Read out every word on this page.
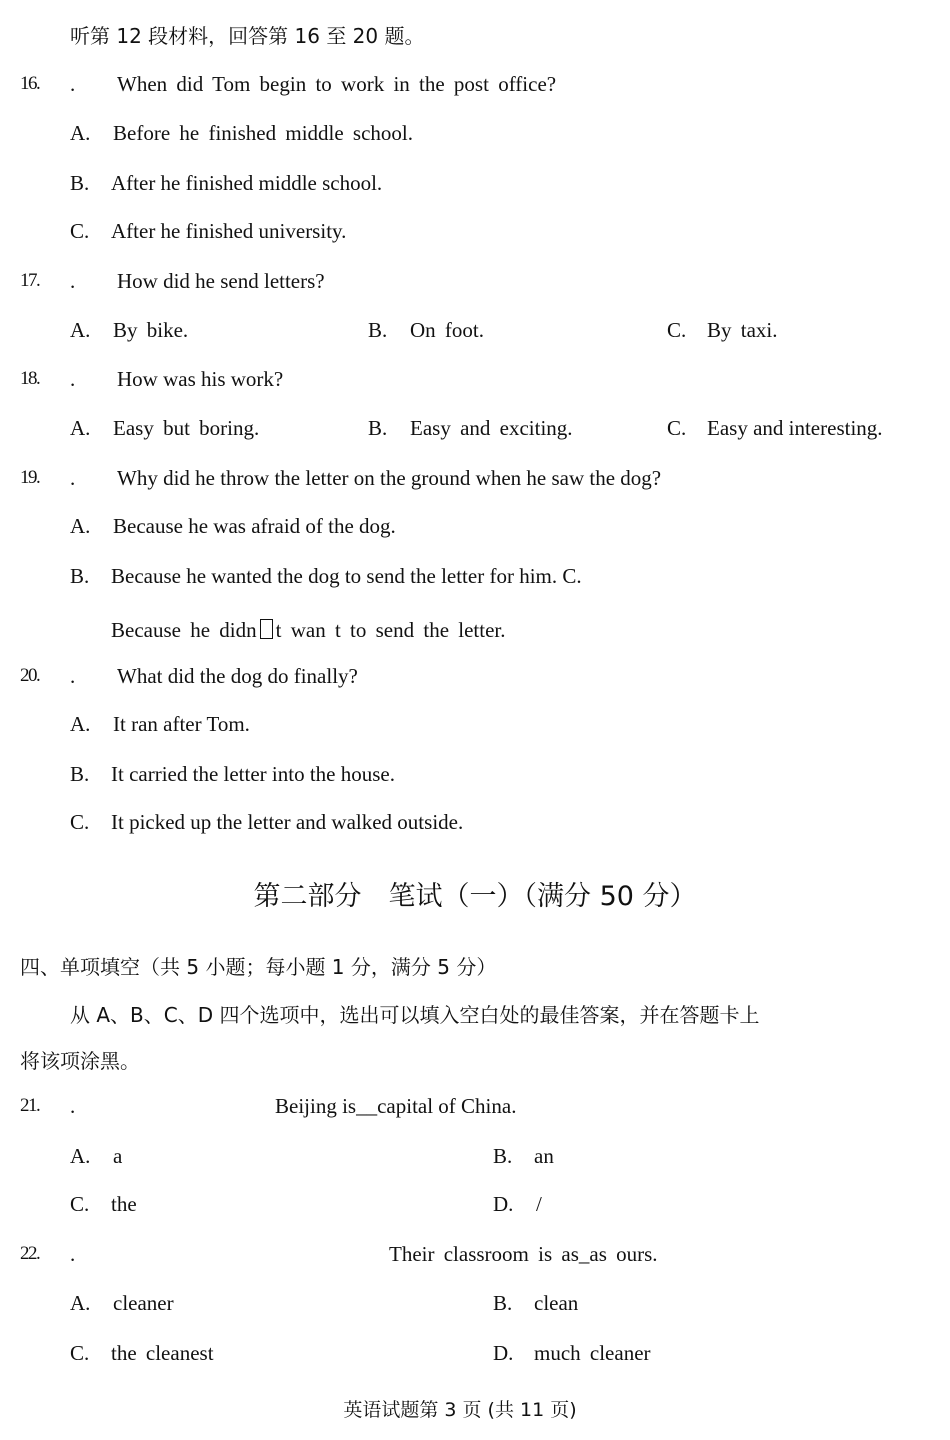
听第 12 段材料，回答第 16 至 20 题。
16. . When did Tom begin to work in the post office?
A. Before he finished middle school.
B. After he finished middle school.
C. After he finished university.
17. . How did he send letters?
A. By bike.	B. On foot.	C. By taxi.
18. . How was his work?
A. Easy but boring.	B. Easy and exciting.	C. Easy and interesting.
19. . Why did he throw the letter on the ground when he saw the dog?
A. Because he was afraid of the dog.
B. Because he wanted the dog to send the letter for him. C.
Because he didn t wan t to send the letter.
20. . What did the dog do finally?
A. It ran after Tom.
B. It carried the letter into the house.
C. It picked up the letter and walked outside.
第二部分　笔试（一）（满分 50 分）
四、单项填空（共 5 小题；每小题 1 分，满分 5 分）
从 A、B、C、D 四个选项中，选出可以填入空白处的最佳答案，并在答题卡上
将该项涂黑。
21. .	Beijing is__capital of China.
A. a	B. an
C. the	D. /
22. .	Their classroom is as_as ours.
A. cleaner	B. clean
C. the cleanest	D. much cleaner
英语试题第 3 页 (共 11 页)
